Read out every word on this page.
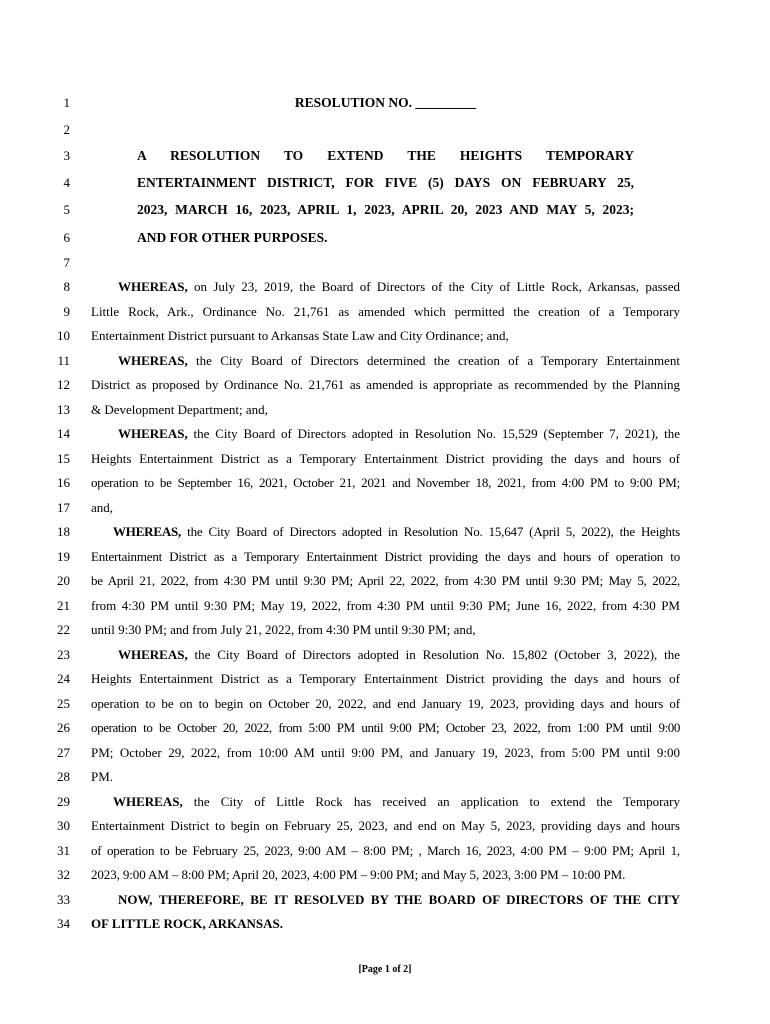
1
2
3
4
5
6
7
8
9
10
11
12
13
14
15
16
17
18
19
20
21
22
23
24
25
26
27
28
29
30
31
32
33
34
RESOLUTION NO. _________
A RESOLUTION TO EXTEND THE HEIGHTS TEMPORARY
ENTERTAINMENT DISTRICT, FOR FIVE (5) DAYS ON FEBRUARY 25,
2023, MARCH 16, 2023, APRIL 1, 2023, APRIL 20, 2023 AND MAY 5, 2023;
AND FOR OTHER PURPOSES.
WHEREAS, on July 23, 2019, the Board of Directors of the City of Little Rock, Arkansas, passed
Little Rock, Ark., Ordinance No. 21,761 as amended which permitted the creation of a Temporary
Entertainment District pursuant to Arkansas State Law and City Ordinance; and,
WHEREAS, the City Board of Directors determined the creation of a Temporary Entertainment
District as proposed by Ordinance No. 21,761 as amended is appropriate as recommended by the Planning
& Development Department; and,
WHEREAS, the City Board of Directors adopted in Resolution No. 15,529 (September 7, 2021), the
Heights Entertainment District as a Temporary Entertainment District providing the days and hours of
operation to be September 16, 2021, October 21, 2021 and November 18, 2021, from 4:00 PM to 9:00 PM;
and,
WHEREAS, the City Board of Directors adopted in Resolution No. 15,647 (April 5, 2022), the Heights
Entertainment District as a Temporary Entertainment District providing the days and hours of operation to
be April 21, 2022, from 4:30 PM until 9:30 PM; April 22, 2022, from 4:30 PM until 9:30 PM; May 5, 2022,
from 4:30 PM until 9:30 PM; May 19, 2022, from 4:30 PM until 9:30 PM; June 16, 2022, from 4:30 PM
until 9:30 PM; and from July 21, 2022, from 4:30 PM until 9:30 PM; and,
WHEREAS, the City Board of Directors adopted in Resolution No. 15,802 (October 3, 2022), the
Heights Entertainment District as a Temporary Entertainment District providing the days and hours of
operation to be on to begin on October 20, 2022, and end January 19, 2023, providing days and hours of
operation to be October 20, 2022, from 5:00 PM until 9:00 PM; October 23, 2022, from 1:00 PM until 9:00
PM; October 29, 2022, from 10:00 AM until 9:00 PM, and January 19, 2023, from 5:00 PM until 9:00
PM.
WHEREAS, the City of Little Rock has received an application to extend the Temporary
Entertainment District to begin on February 25, 2023, and end on May 5, 2023, providing days and hours
of operation to be February 25, 2023, 9:00 AM – 8:00 PM; , March 16, 2023, 4:00 PM – 9:00 PM; April 1,
2023, 9:00 AM – 8:00 PM; April 20, 2023, 4:00 PM – 9:00 PM; and May 5, 2023, 3:00 PM – 10:00 PM.
NOW, THEREFORE, BE IT RESOLVED BY THE BOARD OF DIRECTORS OF THE CITY
OF LITTLE ROCK, ARKANSAS.
[Page 1 of 2]
